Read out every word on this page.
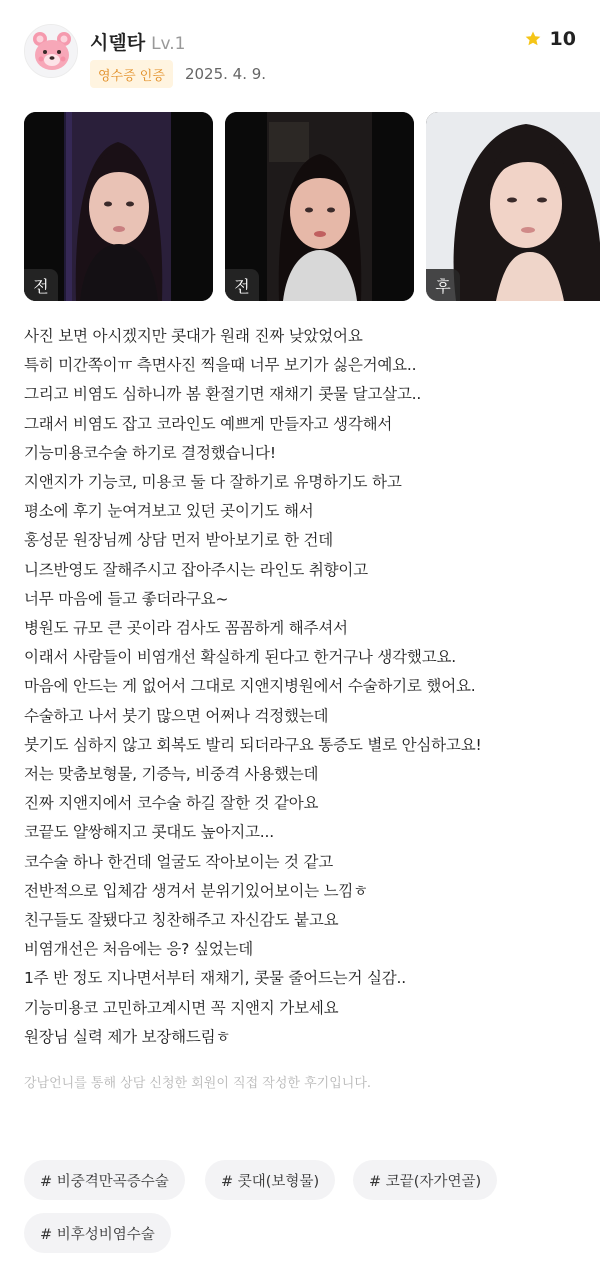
시델타 Lv.1
영수증 인증	2025. 4. 9.
10
전	전	후
사진 보면 아시겠지만 콧대가 원래 진짜 낮았었어요
특히 미간쪽이ㅠ 측면사진 찍을때 너무 보기가 싫은거예요..
그리고 비염도 심하니까 봄 환절기면 재채기 콧물 달고살고..
그래서 비염도 잡고 코라인도 예쁘게 만들자고 생각해서
기능미용코수술 하기로 결정했습니다!
지앤지가 기능코, 미용코 둘 다 잘하기로 유명하기도 하고
평소에 후기 눈여겨보고 있던 곳이기도 해서
홍성문 원장님께 상담 먼저 받아보기로 한 건데
니즈반영도 잘해주시고 잡아주시는 라인도 취향이고
너무 마음에 들고 좋더라구요~
병원도 규모 큰 곳이라 검사도 꼼꼼하게 해주셔서
이래서 사람들이 비염개선 확실하게 된다고 한거구나 생각했고요.
마음에 안드는 게 없어서 그대로 지앤지병원에서 수술하기로 했어요.
수술하고 나서 붓기 많으면 어쩌나 걱정했는데
붓기도 심하지 않고 회복도 발리 되더라구요 통증도 별로 안심하고요!
저는 맞춤보형물, 기증늑, 비중격 사용했는데
진짜 지앤지에서 코수술 하길 잘한 것 같아요
코끝도 얄쌍해지고 콧대도 높아지고...
코수술 하나 한건데 얼굴도 작아보이는 것 같고
전반적으로 입체감 생겨서 분위기있어보이는 느낌ㅎ
친구들도 잘됐다고 칭찬해주고 자신감도 붙고요
비염개선은 처음에는 응? 싶었는데
1주 반 정도 지나면서부터 재채기, 콧물 줄어드는거 실감..
기능미용코 고민하고계시면 꼭 지앤지 가보세요
원장님 실력 제가 보장해드림ㅎ
강남언니를 통해 상담 신청한 회원이 직접 작성한 후기입니다.
# 비중격만곡증수술	# 콧대(보형물)	# 코끝(자가연골)
# 비후성비염수술
